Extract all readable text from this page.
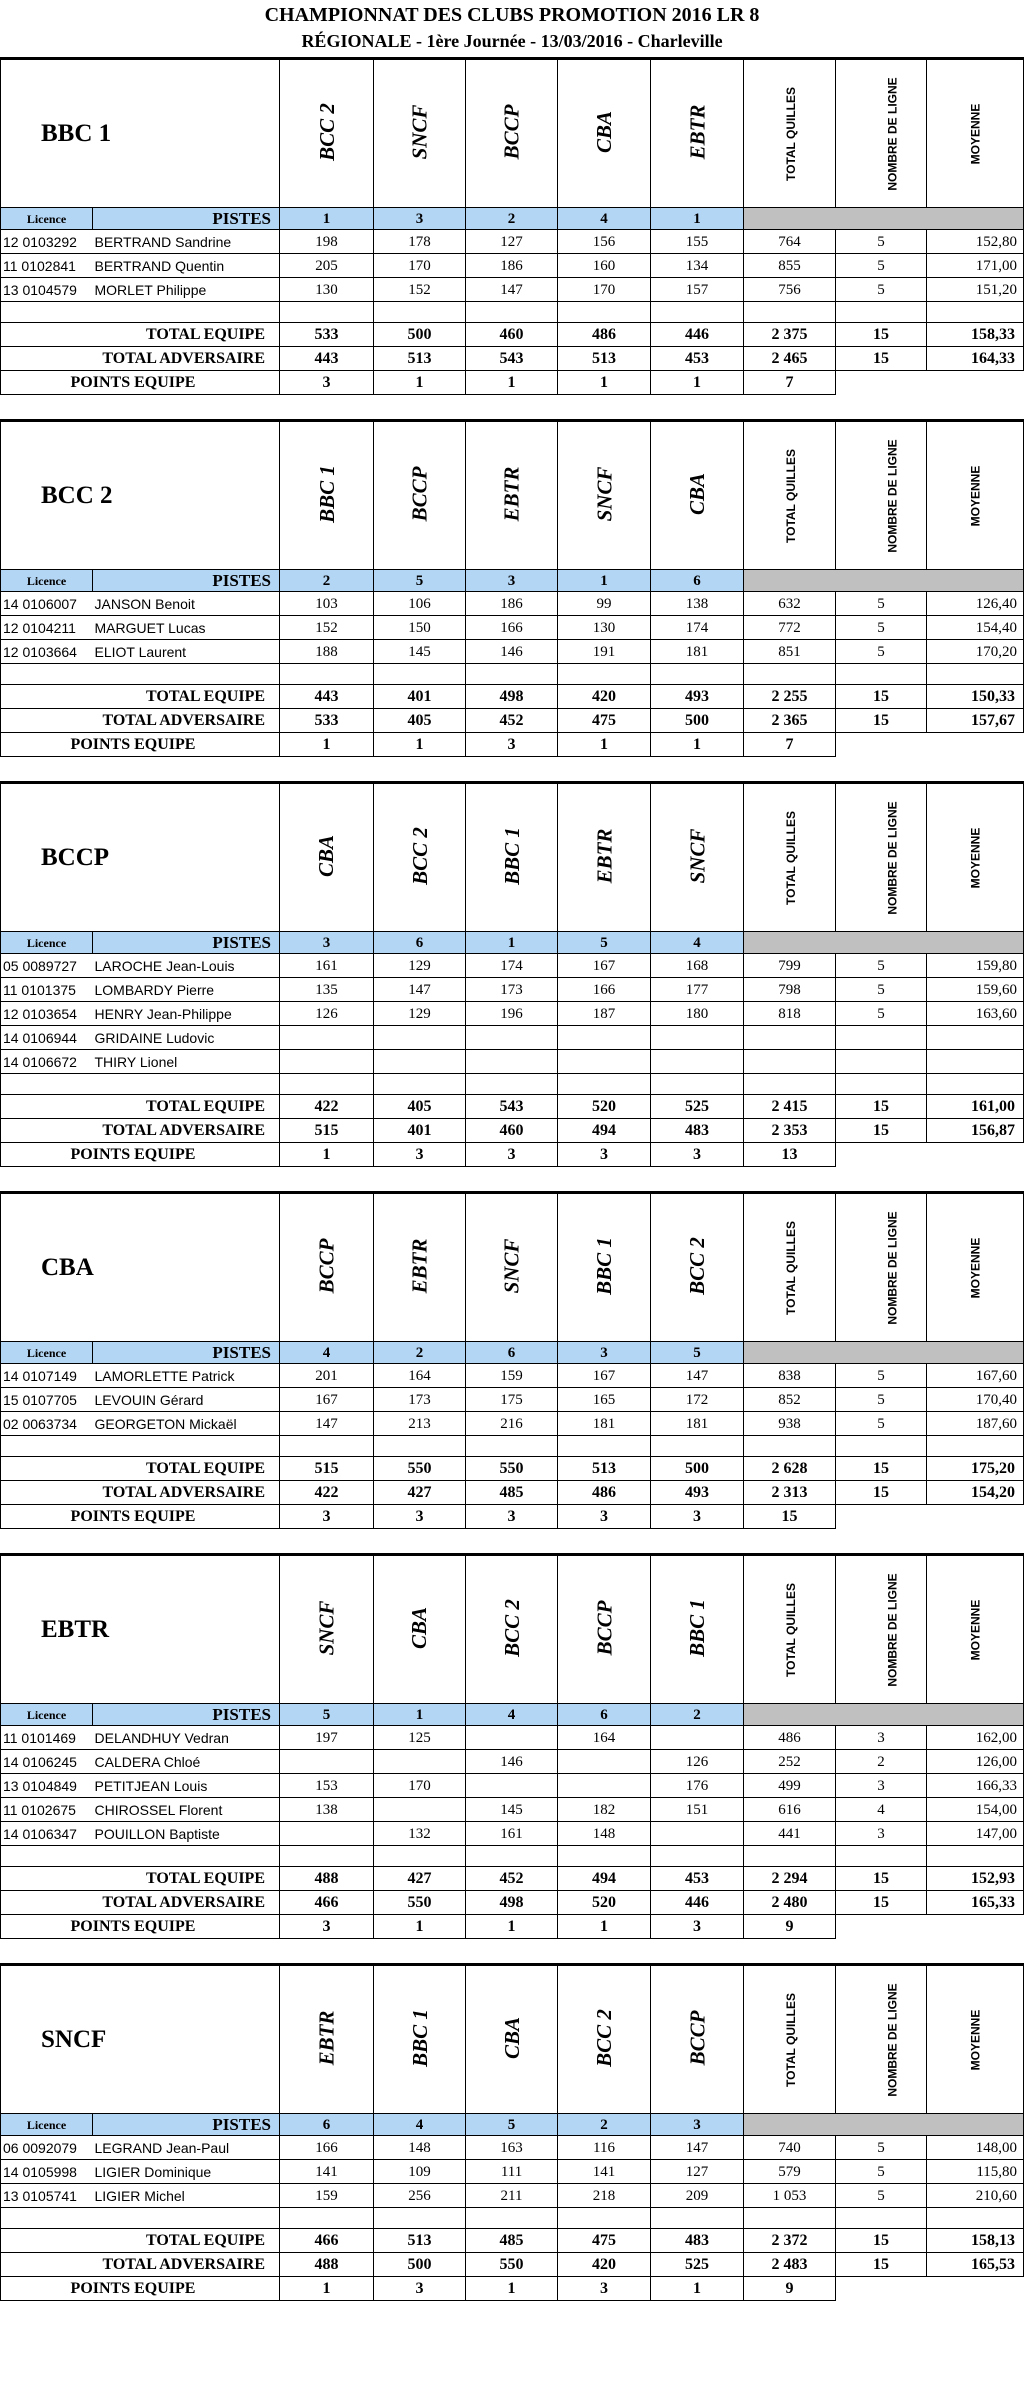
CHAMPIONNAT DES CLUBS PROMOTION 2016 LR 8
RÉGIONALE - 1ère Journée - 13/03/2016 - Charleville
BBC 1		BCC 2	SNCF	BCCP	CBA	EBTR	TOTAL QUILLES	NOMBRE DE LIGNE	MOYENNE	
Licence	PISTES	1	3	2	4	1				
12 0103292	BERTRAND Sandrine	198	178	127	156	155	764	5	152,80	
11 0102841	BERTRAND Quentin	205	170	186	160	134	855	5	171,00	
13 0104579	MORLET Philippe	130	152	147	170	157	756	5	151,20	

TOTAL EQUIPE		533	500	460	486	446	2 375	15	158,33	
TOTAL ADVERSAIRE		443	513	543	513	453	2 465	15	164,33	
POINTS EQUIPE		3	1	1	1	1	7			
BCC 2		BBC 1	BCCP	EBTR	SNCF	CBA	TOTAL QUILLES	NOMBRE DE LIGNE	MOYENNE	
Licence	PISTES	2	5	3	1	6				
14 0106007	JANSON Benoit	103	106	186	99	138	632	5	126,40	
12 0104211	MARGUET Lucas	152	150	166	130	174	772	5	154,40	
12 0103664	ELIOT Laurent	188	145	146	191	181	851	5	170,20	

TOTAL EQUIPE		443	401	498	420	493	2 255	15	150,33	
TOTAL ADVERSAIRE		533	405	452	475	500	2 365	15	157,67	
POINTS EQUIPE		1	1	3	1	1	7			
BCCP		CBA	BCC 2	BBC 1	EBTR	SNCF	TOTAL QUILLES	NOMBRE DE LIGNE	MOYENNE	
Licence	PISTES	3	6	1	5	4				
05 0089727	LAROCHE Jean-Louis	161	129	174	167	168	799	5	159,80	
11 0101375	LOMBARDY Pierre	135	147	173	166	177	798	5	159,60	
12 0103654	HENRY Jean-Philippe	126	129	196	187	180	818	5	163,60	
14 0106944	GRIDAINE Ludovic									
14 0106672	THIRY Lionel									

TOTAL EQUIPE		422	405	543	520	525	2 415	15	161,00	
TOTAL ADVERSAIRE		515	401	460	494	483	2 353	15	156,87	
POINTS EQUIPE		1	3	3	3	3	13			
CBA		BCCP	EBTR	SNCF	BBC 1	BCC 2	TOTAL QUILLES	NOMBRE DE LIGNE	MOYENNE	
Licence	PISTES	4	2	6	3	5				
14 0107149	LAMORLETTE Patrick	201	164	159	167	147	838	5	167,60	
15 0107705	LEVOUIN Gérard	167	173	175	165	172	852	5	170,40	
02 0063734	GEORGETON Mickaël	147	213	216	181	181	938	5	187,60	

TOTAL EQUIPE		515	550	550	513	500	2 628	15	175,20	
TOTAL ADVERSAIRE		422	427	485	486	493	2 313	15	154,20	
POINTS EQUIPE		3	3	3	3	3	15			
EBTR		SNCF	CBA	BCC 2	BCCP	BBC 1	TOTAL QUILLES	NOMBRE DE LIGNE	MOYENNE	
Licence	PISTES	5	1	4	6	2				
11 0101469	DELANDHUY Vedran	197	125		164		486	3	162,00	
14 0106245	CALDERA Chloé			146		126	252	2	126,00	
13 0104849	PETITJEAN Louis	153	170			176	499	3	166,33	
11 0102675	CHIROSSEL Florent	138		145	182	151	616	4	154,00	
14 0106347	POUILLON Baptiste		132	161	148		441	3	147,00	

TOTAL EQUIPE		488	427	452	494	453	2 294	15	152,93	
TOTAL ADVERSAIRE		466	550	498	520	446	2 480	15	165,33	
POINTS EQUIPE		3	1	1	1	3	9			
SNCF		EBTR	BBC 1	CBA	BCC 2	BCCP	TOTAL QUILLES	NOMBRE DE LIGNE	MOYENNE	
Licence	PISTES	6	4	5	2	3				
06 0092079	LEGRAND Jean-Paul	166	148	163	116	147	740	5	148,00	
14 0105998	LIGIER Dominique	141	109	111	141	127	579	5	115,80	
13 0105741	LIGIER Michel	159	256	211	218	209	1 053	5	210,60	

TOTAL EQUIPE		466	513	485	475	483	2 372	15	158,13	
TOTAL ADVERSAIRE		488	500	550	420	525	2 483	15	165,53	
POINTS EQUIPE		1	3	1	3	1	9			
